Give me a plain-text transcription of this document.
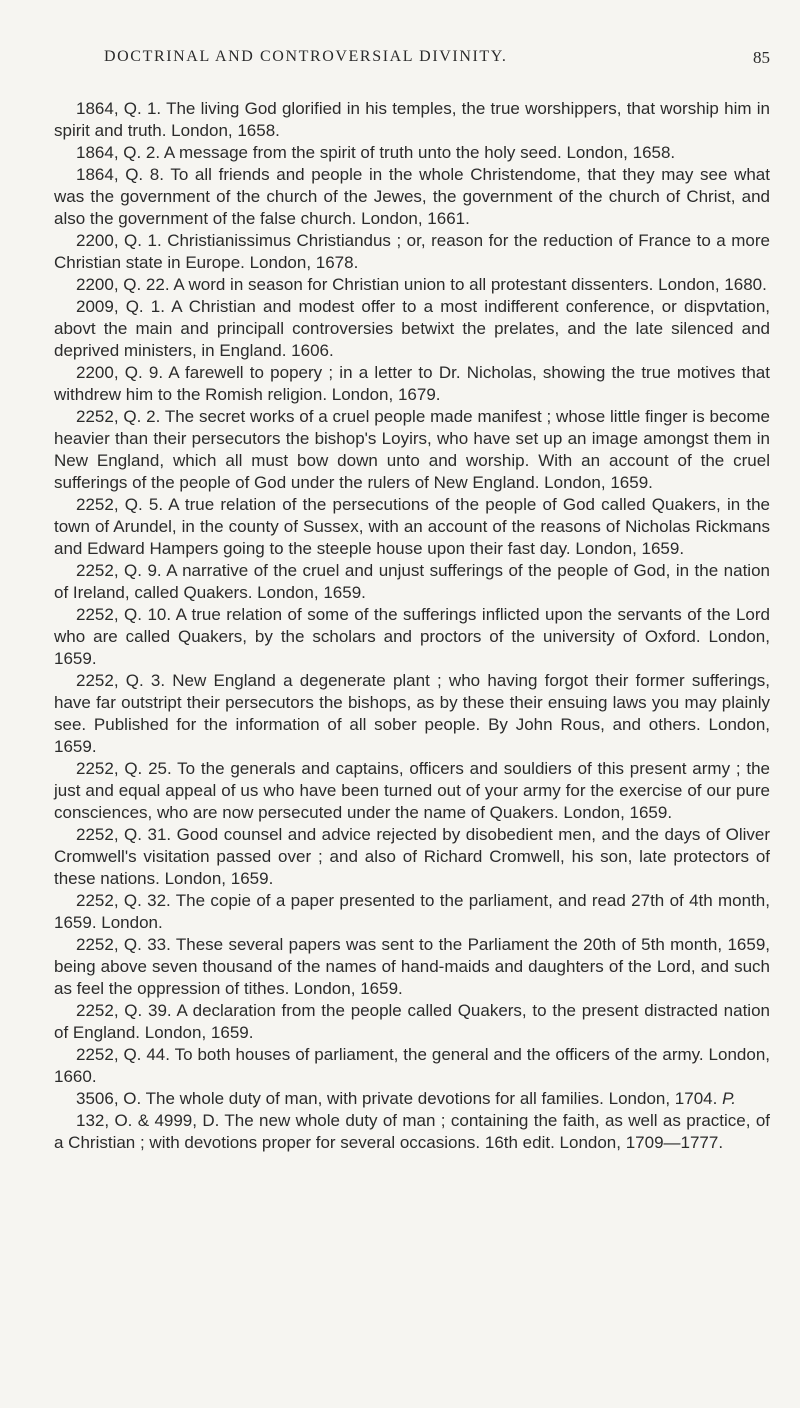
DOCTRINAL AND CONTROVERSIAL DIVINITY.	85

1864, Q. 1. The living God glorified in his temples, the true worshippers, that worship him in spirit and truth. London, 1658.

1864, Q. 2. A message from the spirit of truth unto the holy seed. London, 1658.

1864, Q. 8. To all friends and people in the whole Christendome, that they may see what was the government of the church of the Jewes, the government of the church of Christ, and also the government of the false church. London, 1661.

2200, Q. 1. Christianissimus Christiandus ; or, reason for the reduction of France to a more Christian state in Europe. London, 1678.

2200, Q. 22. A word in season for Christian union to all protestant dissenters. London, 1680.

2009, Q. 1. A Christian and modest offer to a most indifferent conference, or dispvtation, abovt the main and principall controversies betwixt the prelates, and the late silenced and deprived ministers, in England. 1606.

2200, Q. 9. A farewell to popery ; in a letter to Dr. Nicholas, showing the true motives that withdrew him to the Romish religion. London, 1679.

2252, Q. 2. The secret works of a cruel people made manifest ; whose little finger is become heavier than their persecutors the bishop's Loyirs, who have set up an image amongst them in New England, which all must bow down unto and worship. With an account of the cruel sufferings of the people of God under the rulers of New England. London, 1659.

2252, Q. 5. A true relation of the persecutions of the people of God called Quakers, in the town of Arundel, in the county of Sussex, with an account of the reasons of Nicholas Rickmans and Edward Hampers going to the steeple house upon their fast day. London, 1659.

2252, Q. 9. A narrative of the cruel and unjust sufferings of the people of God, in the nation of Ireland, called Quakers. London, 1659.

2252, Q. 10. A true relation of some of the sufferings inflicted upon the servants of the Lord who are called Quakers, by the scholars and proctors of the university of Oxford. London, 1659.

2252, Q. 3. New England a degenerate plant ; who having forgot their former sufferings, have far outstript their persecutors the bishops, as by these their ensuing laws you may plainly see. Published for the information of all sober people. By John Rous, and others. London, 1659.

2252, Q. 25. To the generals and captains, officers and souldiers of this present army ; the just and equal appeal of us who have been turned out of your army for the exercise of our pure consciences, who are now persecuted under the name of Quakers. London, 1659.

2252, Q. 31. Good counsel and advice rejected by disobedient men, and the days of Oliver Cromwell's visitation passed over ; and also of Richard Cromwell, his son, late protectors of these nations. London, 1659.

2252, Q. 32. The copie of a paper presented to the parliament, and read 27th of 4th month, 1659. London.

2252, Q. 33. These several papers was sent to the Parliament the 20th of 5th month, 1659, being above seven thousand of the names of hand-maids and daughters of the Lord, and such as feel the oppression of tithes. London, 1659.

2252, Q. 39. A declaration from the people called Quakers, to the present distracted nation of England. London, 1659.

2252, Q. 44. To both houses of parliament, the general and the officers of the army. London, 1660.

3506, O. The whole duty of man, with private devotions for all families. London, 1704. P.

132, O. & 4999, D. The new whole duty of man ; containing the faith, as well as practice, of a Christian ; with devotions proper for several occasions. 16th edit. London, 1709—1777.
